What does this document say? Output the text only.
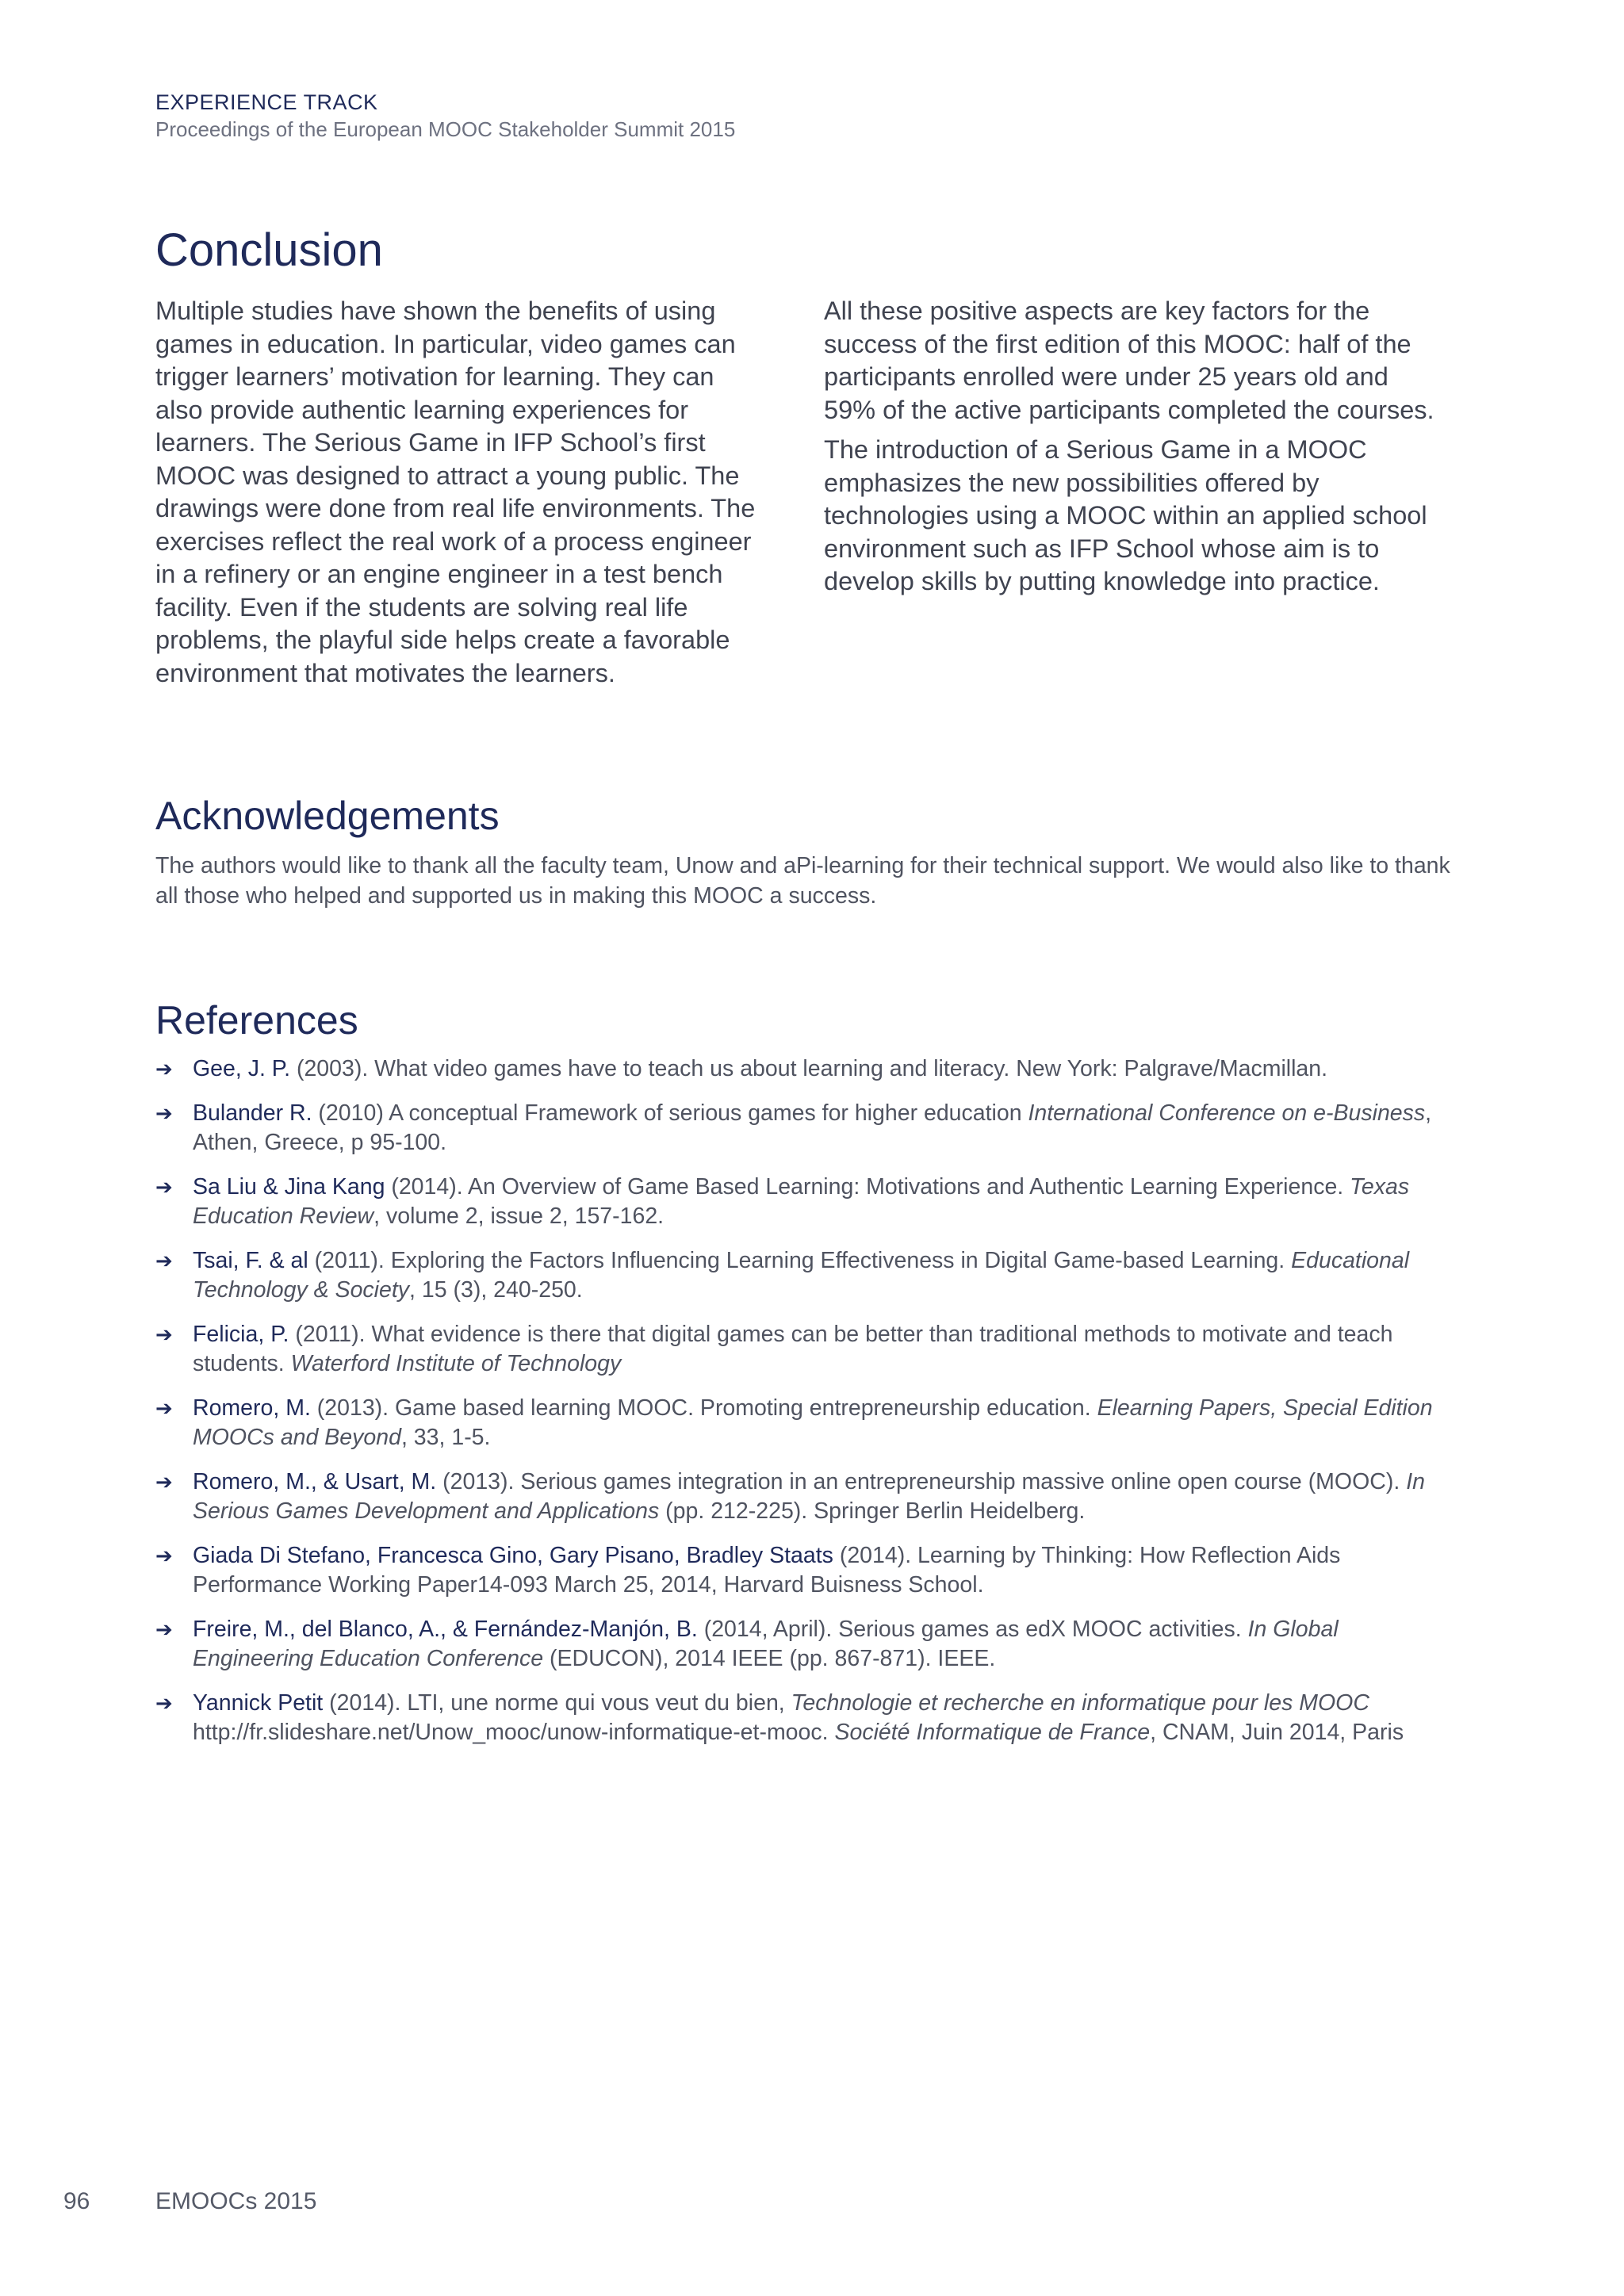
EXPERIENCE TRACK
Proceedings of the European MOOC Stakeholder Summit 2015
Conclusion

Multiple studies have shown the benefits of using games in education. In particular, video games can trigger learners’ motivation for learning. They can also provide authentic learning experiences for learners. The Serious Game in IFP School’s first MOOC was designed to attract a young public. The drawings were done from real life environments. The exercises reflect the real work of a process engineer in a refinery or an engine engineer in a test bench facility. Even if the students are solving real life problems, the playful side helps create a favorable environment that motivates the learners.

All these positive aspects are key factors for the success of the first edition of this MOOC: half of the participants enrolled were under 25 years old and 59% of the active participants completed the courses.

The introduction of a Serious Game in a MOOC emphasizes the new possibilities offered by technologies using a MOOC within an applied school environment such as IFP School whose aim is to develop skills by putting knowledge into practice.

Acknowledgements
The authors would like to thank all the faculty team, Unow and aPi-learning for their technical support. We would also like to thank all those who helped and supported us in making this MOOC a success.
References
➔ Gee, J. P. (2003). What video games have to teach us about learning and literacy. New York: Palgrave/Macmillan.
➔ Bulander R. (2010) A conceptual Framework of serious games for higher education International Conference on e-Business, Athen, Greece, p 95-100.
➔ Sa Liu & Jina Kang (2014). An Overview of Game Based Learning: Motivations and Authentic Learning Experience. Texas Education Review, volume 2, issue 2, 157-162.
➔ Tsai, F. & al (2011). Exploring the Factors Influencing Learning Effectiveness in Digital Game-based Learning. Educational Technology & Society, 15 (3), 240-250.
➔ Felicia, P. (2011). What evidence is there that digital games can be better than traditional methods to motivate and teach students. Waterford Institute of Technology
➔ Romero, M. (2013). Game based learning MOOC. Promoting entrepreneurship education. Elearning Papers, Special Edition MOOCs and Beyond, 33, 1-5.
➔ Romero, M., & Usart, M. (2013). Serious games integration in an entrepreneurship massive online open course (MOOC). In Serious Games Development and Applications (pp. 212-225). Springer Berlin Heidelberg.
➔ Giada Di Stefano, Francesca Gino, Gary Pisano, Bradley Staats (2014). Learning by Thinking: How Reflection Aids Performance Working Paper14-093 March 25, 2014, Harvard Buisness School.
➔ Freire, M., del Blanco, A., & Fernández-Manjón, B. (2014, April). Serious games as edX MOOC activities. In Global Engineering Education Conference (EDUCON), 2014 IEEE (pp. 867-871). IEEE.
➔ Yannick Petit (2014). LTI, une norme qui vous veut du bien, Technologie et recherche en informatique pour les MOOC http://fr.slideshare.net/Unow_mooc/unow-informatique-et-mooc. Société Informatique de France, CNAM, Juin 2014, Paris
96	EMOOCs 2015
